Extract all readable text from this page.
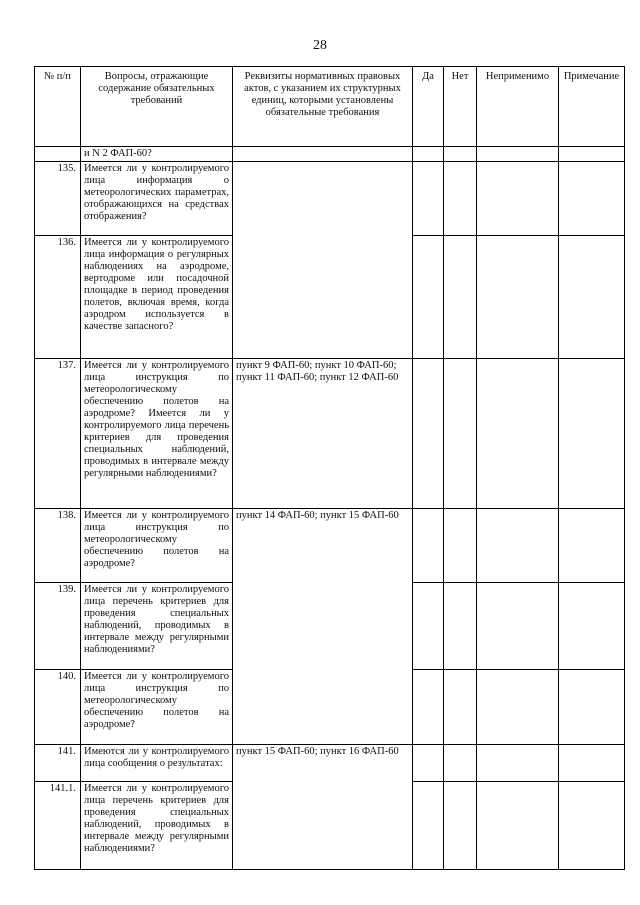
28
№ п/п	Вопросы, отражающие содержание обязательных требований	Реквизиты нормативных правовых актов, с указанием их структурных единиц, которыми установлены обязательные требования	Да	Нет	Неприменимо	Примечание
	и N 2 ФАП-60?					
135.	Имеется ли у контролируемого лица информация о метеорологических параметрах, отображающихся на средствах отображения?					
136.	Имеется ли у контролируемого лица информация о регулярных наблюдениях на аэродроме, вертодроме или посадочной площадке в период проведения полетов, включая время, когда аэродром используется в качестве запасного?					
137.	Имеется ли у контролируемого лица инструкция по метеорологическому обеспечению полетов на аэродроме? Имеется ли у контролируемого лица перечень критериев для проведения специальных наблюдений, проводимых в интервале между регулярными наблюдениями?	пункт 9 ФАП-60; пункт 10 ФАП-60; пункт 11 ФАП-60; пункт 12 ФАП-60				
138.	Имеется ли у контролируемого лица инструкция по метеорологическому обеспечению полетов на аэродроме?	пункт 14 ФАП-60; пункт 15 ФАП-60				
139.	Имеется ли у контролируемого лица перечень критериев для проведения специальных наблюдений, проводимых в интервале между регулярными наблюдениями?					
140.	Имеется ли у контролируемого лица инструкция по метеорологическому обеспечению полетов на аэродроме?					
141.	Имеются ли у контролируемого лица сообщения о результатах:	пункт 15 ФАП-60; пункт 16 ФАП-60				
141.1.	Имеется ли у контролируемого лица перечень критериев для проведения специальных наблюдений, проводимых в интервале между регулярными наблюдениями?					
